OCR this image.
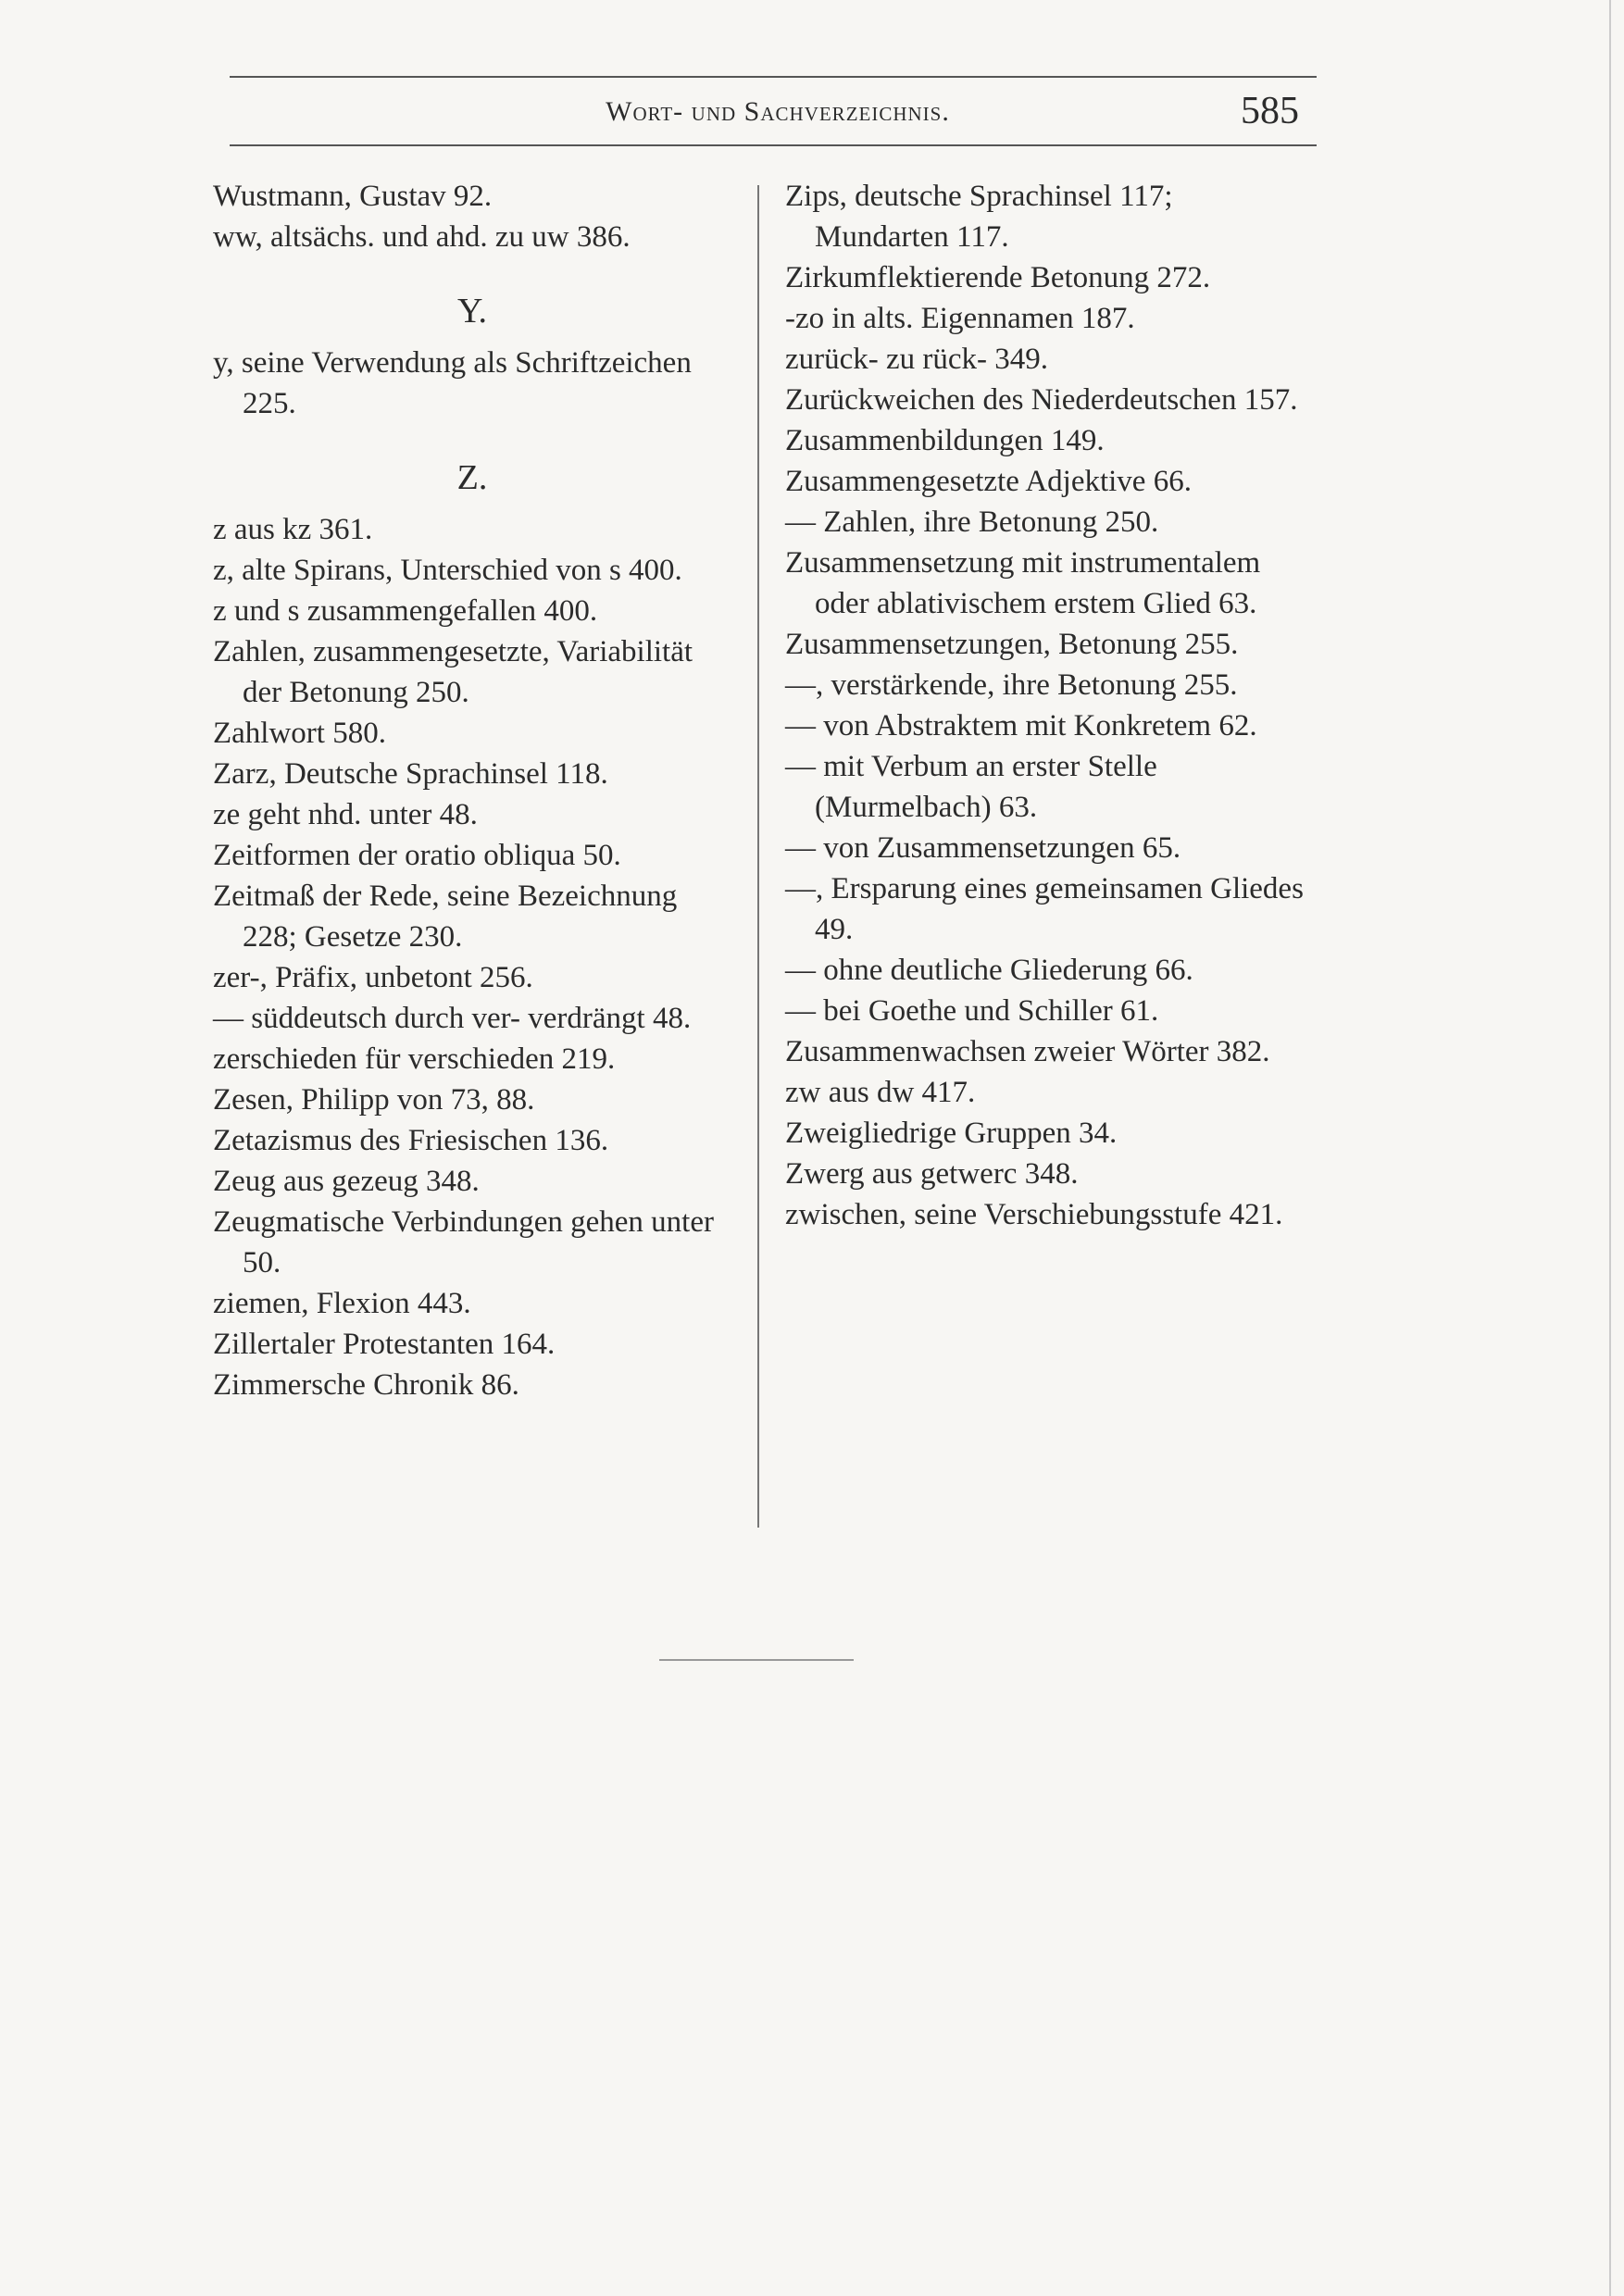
Wort- und Sachverzeichnis.	585
Wustmann, Gustav 92.
ww, altsächs. und ahd. zu uw 386.
Y.
y, seine Verwendung als Schriftzeichen 225.
Z.
z aus kz 361.
z, alte Spirans, Unterschied von s 400.
z und s zusammengefallen 400.
Zahlen, zusammengesetzte, Variabilität der Betonung 250.
Zahlwort 580.
Zarz, Deutsche Sprachinsel 118.
ze geht nhd. unter 48.
Zeitformen der oratio obliqua 50.
Zeitmaß der Rede, seine Bezeichnung 228; Gesetze 230.
zer-, Präfix, unbetont 256.
— süddeutsch durch ver- verdrängt 48.
zerschieden für verschieden 219.
Zesen, Philipp von 73, 88.
Zetazismus des Friesischen 136.
Zeug aus gezeug 348.
Zeugmatische Verbindungen gehen unter 50.
ziemen, Flexion 443.
Zillertaler Protestanten 164.
Zimmersche Chronik 86.
Zips, deutsche Sprachinsel 117; Mundarten 117.
Zirkumflektierende Betonung 272.
-zo in alts. Eigennamen 187.
zurück- zu rück- 349.
Zurückweichen des Niederdeutschen 157.
Zusammenbildungen 149.
Zusammengesetzte Adjektive 66.
— Zahlen, ihre Betonung 250.
Zusammensetzung mit instrumentalem oder ablativischem erstem Glied 63.
Zusammensetzungen, Betonung 255.
—, verstärkende, ihre Betonung 255.
— von Abstraktem mit Konkretem 62.
— mit Verbum an erster Stelle (Murmelbach) 63.
— von Zusammensetzungen 65.
—, Ersparung eines gemeinsamen Gliedes 49.
— ohne deutliche Gliederung 66.
— bei Goethe und Schiller 61.
Zusammenwachsen zweier Wörter 382.
zw aus dw 417.
Zweigliedrige Gruppen 34.
Zwerg aus getwerc 348.
zwischen, seine Verschiebungsstufe 421.
